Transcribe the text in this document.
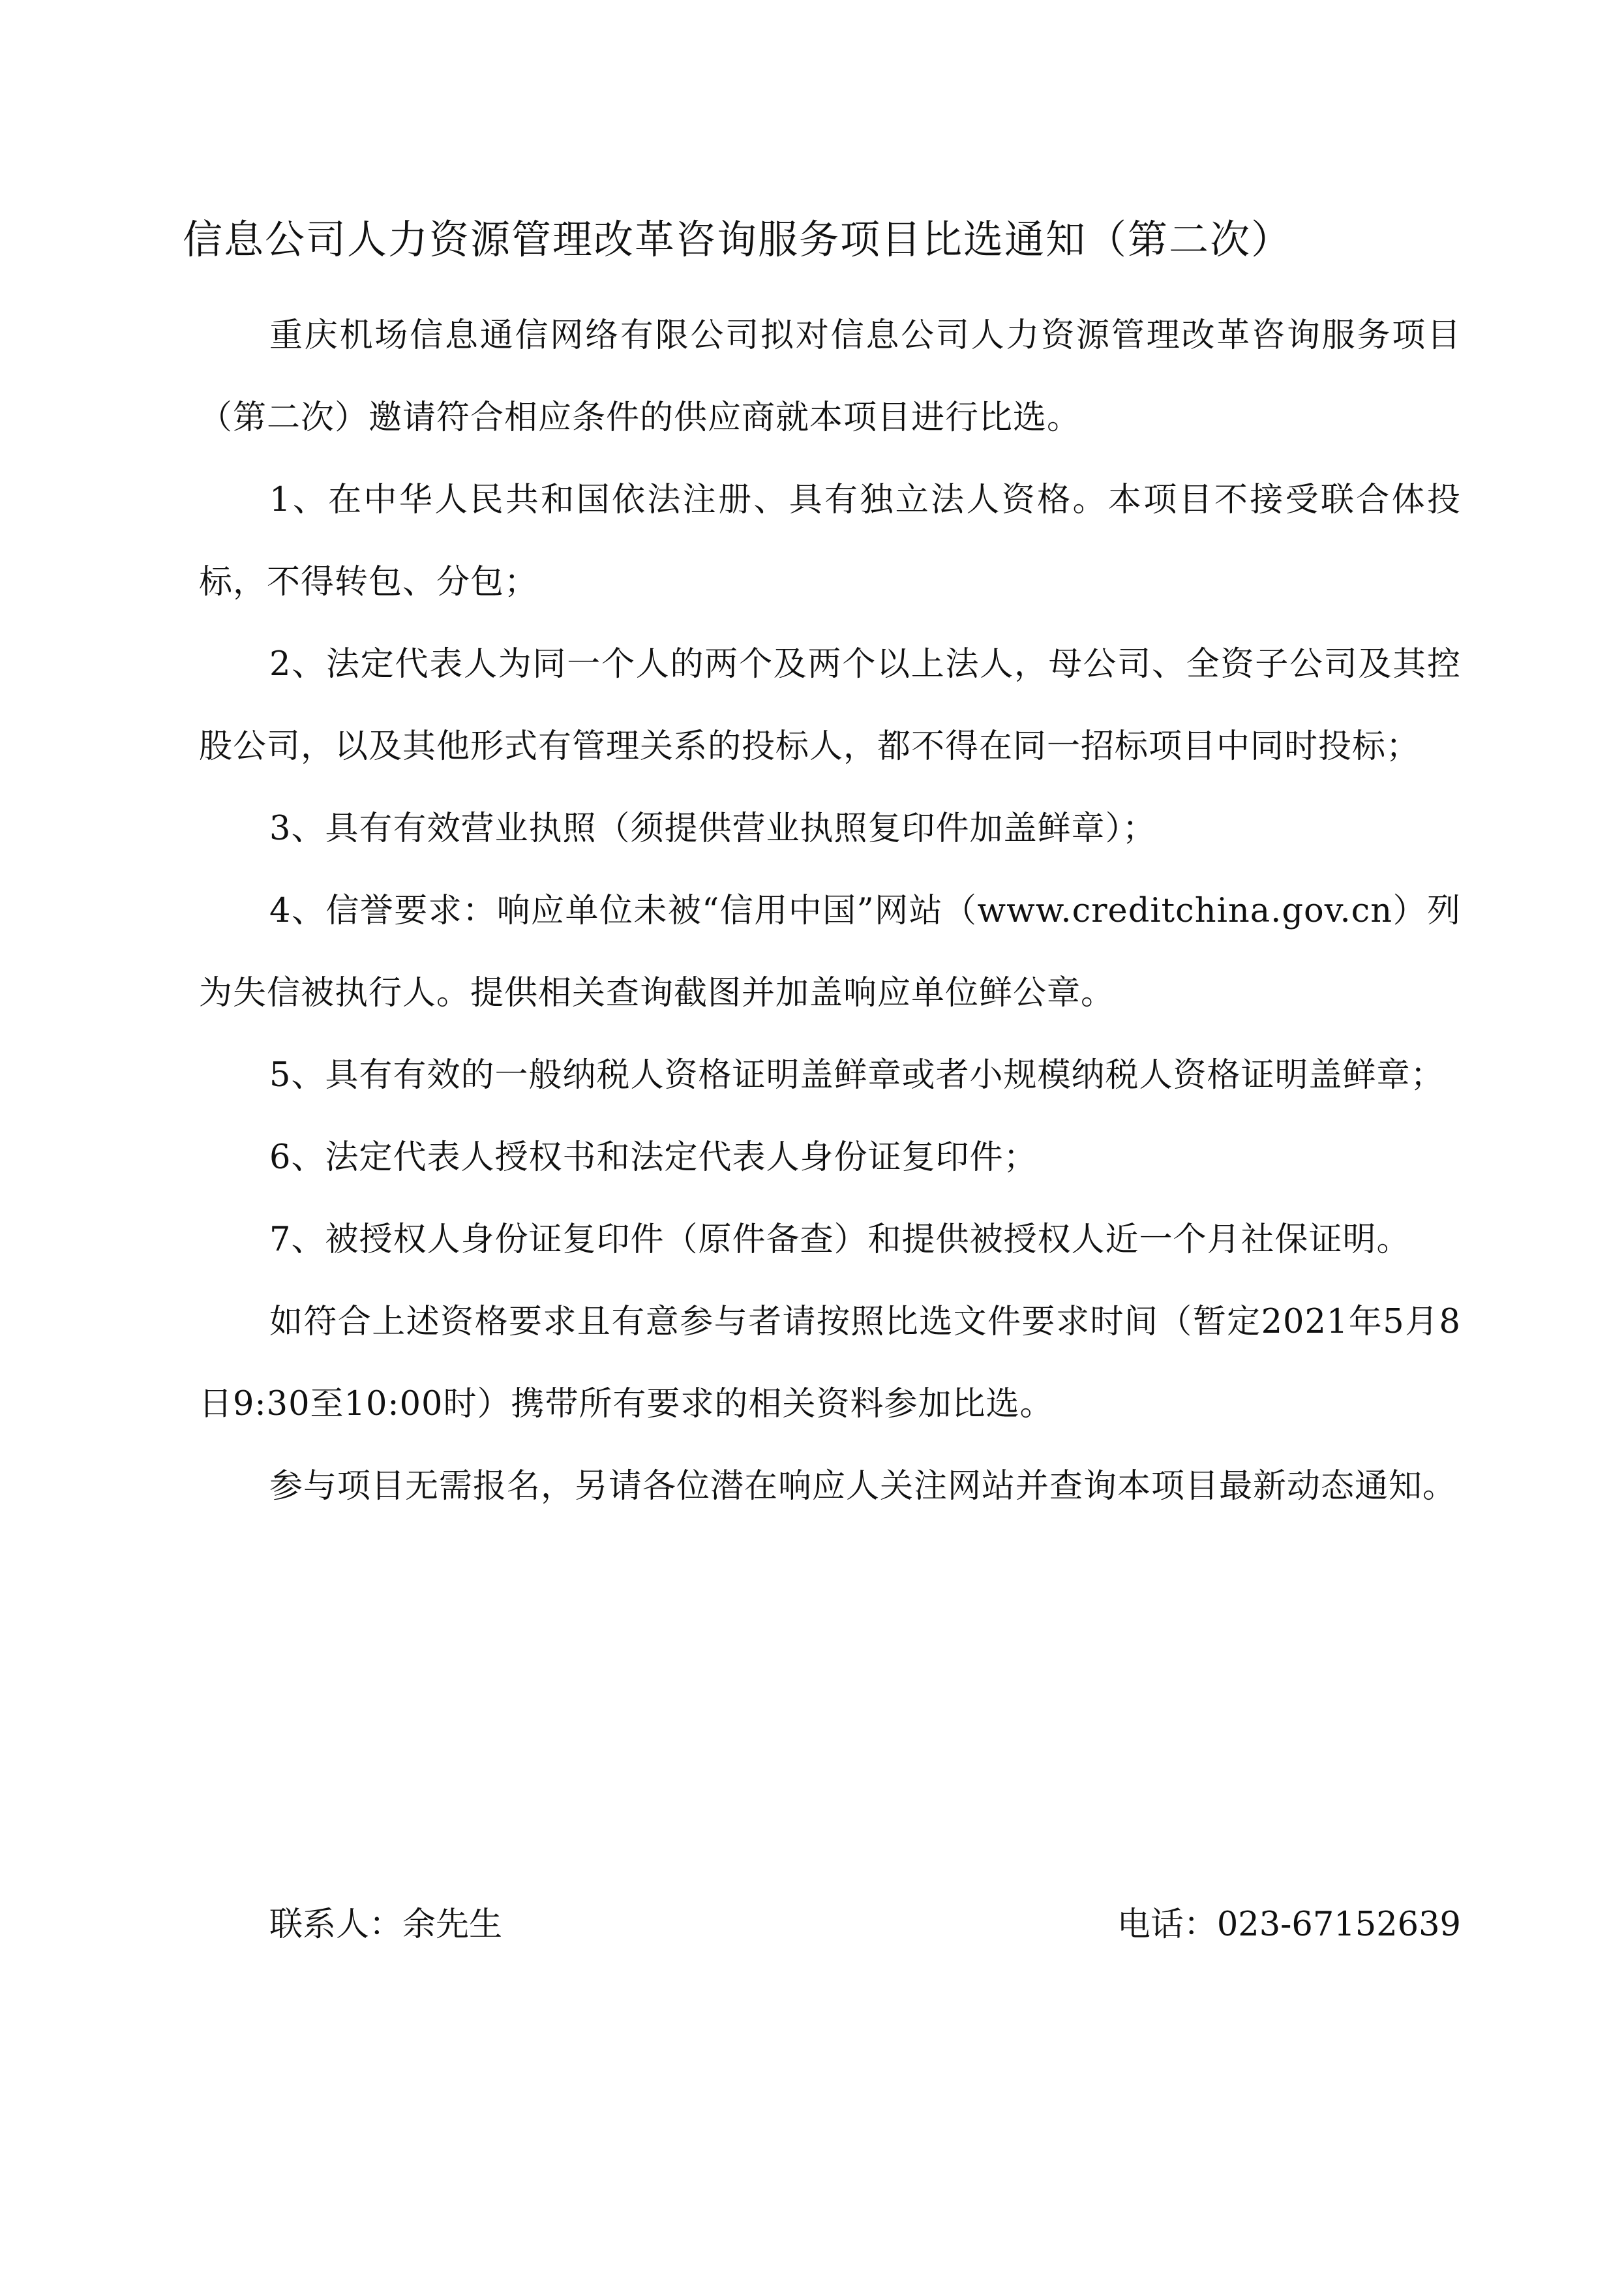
信息公司人力资源管理改革咨询服务项目比选通知（第二次）

重庆机场信息通信网络有限公司拟对信息公司人力资源管理改革咨询服务项目（第二次）邀请符合相应条件的供应商就本项目进行比选。

1、在中华人民共和国依法注册、具有独立法人资格。本项目不接受联合体投标，不得转包、分包；

2、法定代表人为同一个人的两个及两个以上法人，母公司、全资子公司及其控股公司，以及其他形式有管理关系的投标人，都不得在同一招标项目中同时投标；

3、具有有效营业执照（须提供营业执照复印件加盖鲜章）；

4、信誉要求：响应单位未被“信用中国”网站（www.creditchina.gov.cn）列为失信被执行人。提供相关查询截图并加盖响应单位鲜公章。

5、具有有效的一般纳税人资格证明盖鲜章或者小规模纳税人资格证明盖鲜章；

6、法定代表人授权书和法定代表人身份证复印件；

7、被授权人身份证复印件（原件备查）和提供被授权人近一个月社保证明。

如符合上述资格要求且有意参与者请按照比选文件要求时间（暂定2021年5月8日9:30至10:00时）携带所有要求的相关资料参加比选。

参与项目无需报名，另请各位潜在响应人关注网站并查询本项目最新动态通知。

联系人：余先生	电话：023-67152639
